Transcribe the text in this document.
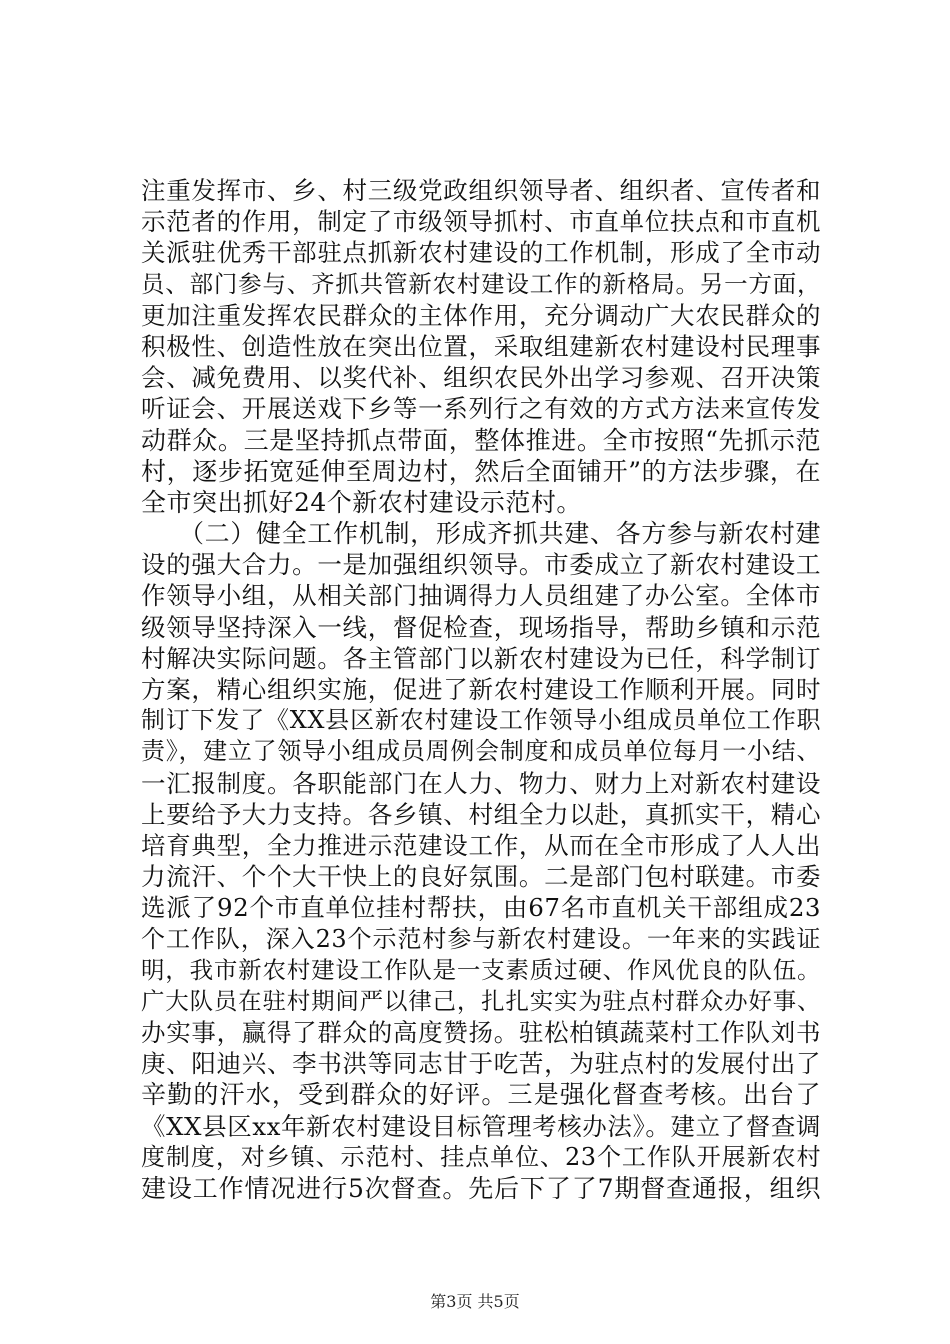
注重发挥市、乡、村三级党政组织领导者、组织者、宣传者和
示范者的作用，制定了市级领导抓村、市直单位扶点和市直机
关派驻优秀干部驻点抓新农村建设的工作机制，形成了全市动
员、部门参与、齐抓共管新农村建设工作的新格局。另一方面，
更加注重发挥农民群众的主体作用，充分调动广大农民群众的
积极性、创造性放在突出位置，采取组建新农村建设村民理事
会、减免费用、以奖代补、组织农民外出学习参观、召开决策
听证会、开展送戏下乡等一系列行之有效的方式方法来宣传发
动群众。三是坚持抓点带面，整体推进。全市按照“先抓示范
村，逐步拓宽延伸至周边村，然后全面铺开”的方法步骤，在
全市突出抓好24个新农村建设示范村。
（二）健全工作机制，形成齐抓共建、各方参与新农村建
设的强大合力。一是加强组织领导。市委成立了新农村建设工
作领导小组，从相关部门抽调得力人员组建了办公室。全体市
级领导坚持深入一线，督促检查，现场指导，帮助乡镇和示范
村解决实际问题。各主管部门以新农村建设为已任，科学制订
方案，精心组织实施，促进了新农村建设工作顺利开展。同时
制订下发了《XX县区新农村建设工作领导小组成员单位工作职
责》，建立了领导小组成员周例会制度和成员单位每月一小结、
一汇报制度。各职能部门在人力、物力、财力上对新农村建设
上要给予大力支持。各乡镇、村组全力以赴，真抓实干，精心
培育典型，全力推进示范建设工作，从而在全市形成了人人出
力流汗、个个大干快上的良好氛围。二是部门包村联建。市委
选派了92个市直单位挂村帮扶，由67名市直机关干部组成23
个工作队，深入23个示范村参与新农村建设。一年来的实践证
明，我市新农村建设工作队是一支素质过硬、作风优良的队伍。
广大队员在驻村期间严以律己，扎扎实实为驻点村群众办好事、
办实事，赢得了群众的高度赞扬。驻松柏镇蔬菜村工作队刘书
庚、阳迪兴、李书洪等同志甘于吃苦，为驻点村的发展付出了
辛勤的汗水，受到群众的好评。三是强化督查考核。出台了
《XX县区xx年新农村建设目标管理考核办法》。建立了督查调
度制度，对乡镇、示范村、挂点单位、23个工作队开展新农村
建设工作情况进行5次督查。先后下了了7期督查通报，组织
第3页 共5页
